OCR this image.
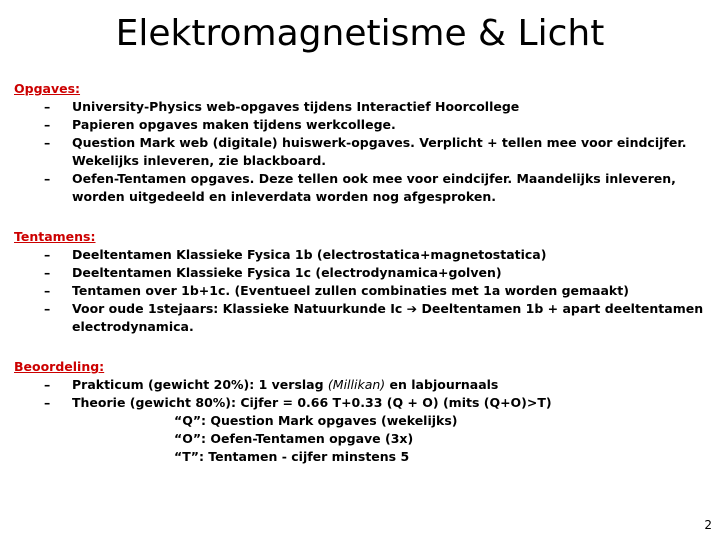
Elektromagnetisme & Licht
Opgaves:
– University-Physics web-opgaves tijdens Interactief Hoorcollege
– Papieren opgaves maken tijdens werkcollege.
– Question Mark web (digitale) huiswerk-opgaves. Verplicht + tellen mee voor eindcijfer. Wekelijks inleveren, zie blackboard.
– Oefen-Tentamen opgaves. Deze tellen ook mee voor eindcijfer. Maandelijks inleveren, worden uitgedeeld en inleverdata worden nog afgesproken.
Tentamens:
– Deeltentamen Klassieke Fysica 1b (electrostatica+magnetostatica)
– Deeltentamen Klassieke Fysica 1c (electrodynamica+golven)
– Tentamen over 1b+1c. (Eventueel zullen combinaties met 1a worden gemaakt)
– Voor oude 1stejaars: Klassieke Natuurkunde Ic ➔ Deeltentamen 1b + apart deeltentamen electrodynamica.
Beoordeling:
– Prakticum (gewicht 20%): 1 verslag (Millikan) en labjournaals
– Theorie (gewicht 80%): Cijfer = 0.66 T+0.33 (Q + O) (mits (Q+O)>T)
“Q”: Question Mark opgaves (wekelijks)
“O”: Oefen-Tentamen opgave (3x)
“T”: Tentamen - cijfer minstens 5
2
